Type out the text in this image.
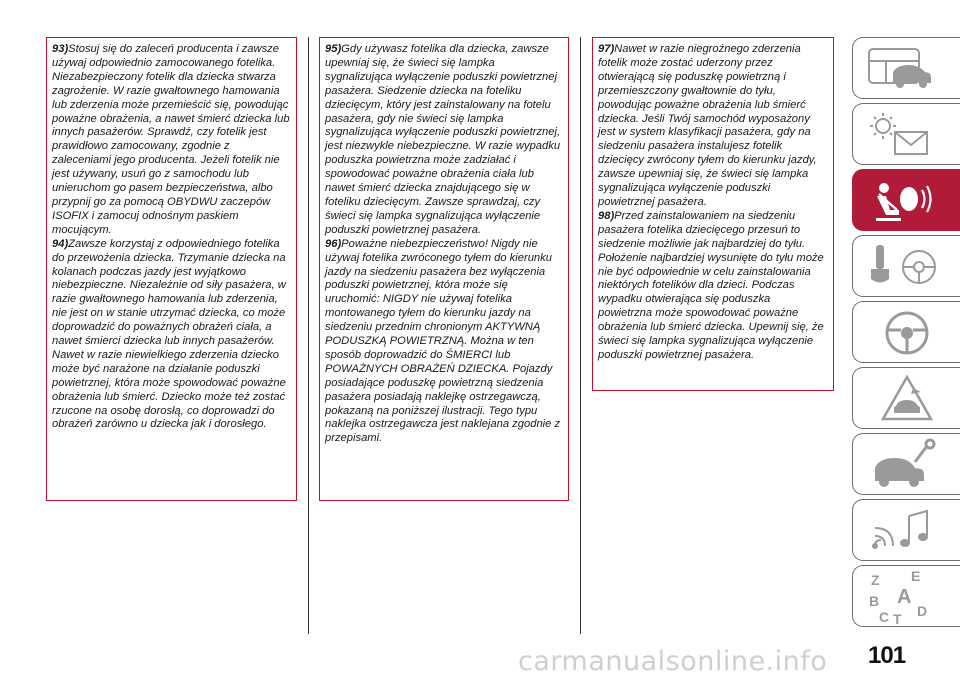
93)Stosuj się do zaleceń producenta i zawsze używaj odpowiednio zamocowanego fotelika. Niezabezpieczony fotelik dla dziecka stwarza zagrożenie. W razie gwałtownego hamowania lub zderzenia może przemieścić się, powodując poważne obrażenia, a nawet śmierć dziecka lub innych pasażerów. Sprawdź, czy fotelik jest prawidłowo zamocowany, zgodnie z zaleceniami jego producenta. Jeżeli fotelik nie jest używany, usuń go z samochodu lub unieruchom go pasem bezpieczeństwa, albo przypnij go za pomocą OBYDWU zaczepów ISOFIX i zamocuj odnośnym paskiem mocującym.

94)Zawsze korzystaj z odpowiedniego fotelika do przewożenia dziecka. Trzymanie dziecka na kolanach podczas jazdy jest wyjątkowo niebezpieczne. Niezależnie od siły pasażera, w razie gwałtownego hamowania lub zderzenia, nie jest on w stanie utrzymać dziecka, co może doprowadzić do poważnych obrażeń ciała, a nawet śmierci dziecka lub innych pasażerów. Nawet w razie niewielkiego zderzenia dziecko może być narażone na działanie poduszki powietrznej, która może spowodować poważne obrażenia lub śmierć. Dziecko może też zostać rzucone na osobę dorosłą, co doprowadzi do obrażeń zarówno u dziecka jak i dorosłego.

95)Gdy używasz fotelika dla dziecka, zawsze upewniaj się, że świeci się lampka sygnalizująca wyłączenie poduszki powietrznej pasażera. Siedzenie dziecka na foteliku dziecięcym, który jest zainstalowany na fotelu pasażera, gdy nie świeci się lampka sygnalizująca wyłączenie poduszki powietrznej, jest niezwykle niebezpieczne. W razie wypadku poduszka powietrzna może zadziałać i spowodować poważne obrażenia ciała lub nawet śmierć dziecka znajdującego się w foteliku dziecięcym. Zawsze sprawdzaj, czy świeci się lampka sygnalizująca wyłączenie poduszki powietrznej pasażera.

96)Poważne niebezpieczeństwo! Nigdy nie używaj fotelika zwróconego tyłem do kierunku jazdy na siedzeniu pasażera bez wyłączenia poduszki powietrznej, która może się uruchomić: NIGDY nie używaj fotelika montowanego tyłem do kierunku jazdy na siedzeniu przednim chronionym AKTYWNĄ PODUSZKĄ POWIETRZNĄ. Można w ten sposób doprowadzić do ŚMIERCI lub POWAŻNYCH OBRAŻEŃ DZIECKA. Pojazdy posiadające poduszkę powietrzną siedzenia pasażera posiadają naklejkę ostrzegawczą, pokazaną na poniższej ilustracji. Tego typu naklejka ostrzegawcza jest naklejana zgodnie z przepisami.

97)Nawet w razie niegroźnego zderzenia fotelik może zostać uderzony przez otwierającą się poduszkę powietrzną i przemieszczony gwałtownie do tyłu, powodując poważne obrażenia lub śmierć dziecka. Jeśli Twój samochód wyposażony jest w system klasyfikacji pasażera, gdy na siedzeniu pasażera instalujesz fotelik dziecięcy zwrócony tyłem do kierunku jazdy, zawsze upewniaj się, że świeci się lampka sygnalizująca wyłączenie poduszki powietrznej pasażera.

98)Przed zainstalowaniem na siedzeniu pasażera fotelika dziecięcego przesuń to siedzenie możliwie jak najbardziej do tyłu. Położenie najbardziej wysunięte do tyłu może nie być odpowiednie w celu zainstalowania niektórych fotelików dla dzieci. Podczas wypadku otwierająca się poduszka powietrzna może spowodować poważne obrażenia lub śmierć dziecka. Upewnij się, że świeci się lampka sygnalizująca wyłączenie poduszki powietrznej pasażera.

Z E
B A
C T D
carmanualsonline.info 101
